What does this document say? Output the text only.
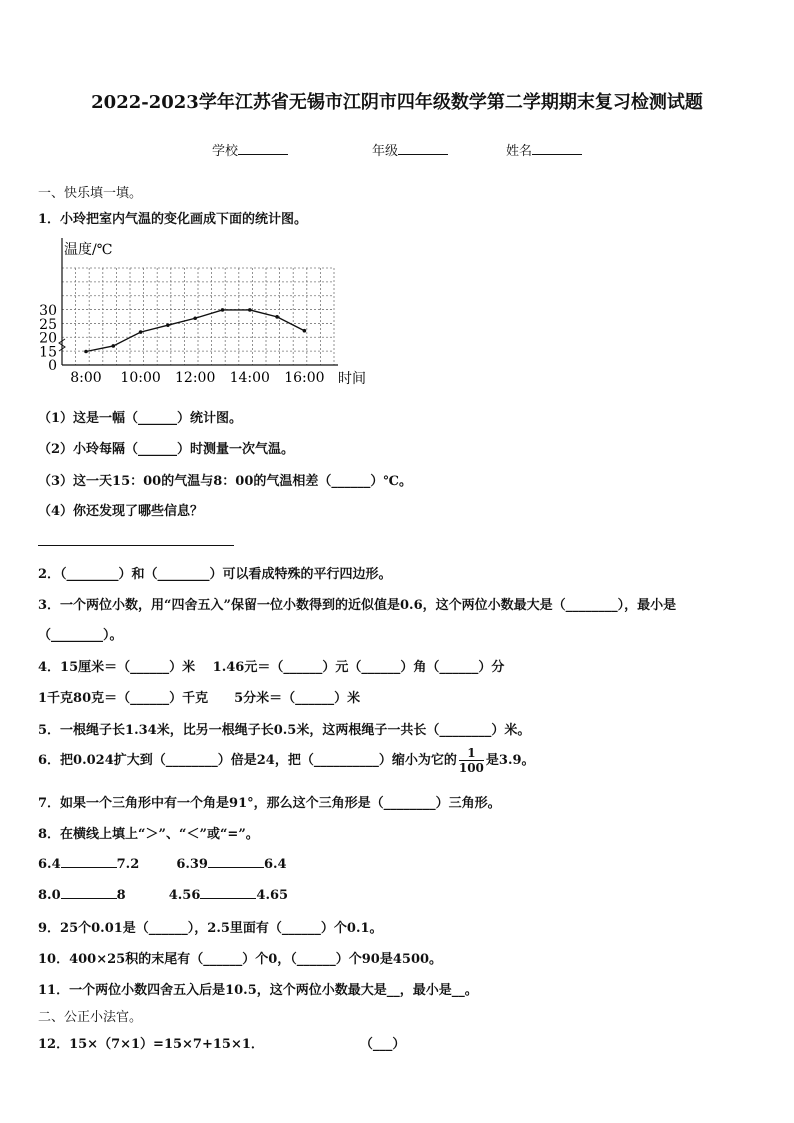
2022-2023学年江苏省无锡市江阴市四年级数学第二学期期末复习检测试题
学校	年级	姓名
一、快乐填一填。
1．小玲把室内气温的变化画成下面的统计图。
30
25
20
15
0
8:00 10:00 12:00 14:00 16:00
温度/℃
时间
（1）这是一幅（______）统计图。
（2）小玲每隔（______）时测量一次气温。
（3）这一天15：00的气温与8：00的气温相差（______）℃。
（4）你还发现了哪些信息？
2．（________）和（________）可以看成特殊的平行四边形。
3．一个两位小数，用“四舍五入”保留一位小数得到的近似值是0.6，这个两位小数最大是（________），最小是
（________）。
4．15厘米＝（______）米　 1.46元＝（______）元（______）角（______）分
1千克80克＝（______）千克　　5分米＝（______）米
5．一根绳子长1.34米，比另一根绳子长0.5米，这两根绳子一共长（________）米。
6．把0.024扩大到（________）倍是24，把（__________）缩小为它的 $\frac{1}{100}$ 是3.9。
7．如果一个三角形中有一个角是91°，那么这个三角形是（________）三角形。
8．在横线上填上“＞”、“＜”或“=”。
6.4	7.2	6.39	6.4
8.0	8	4.56	4.65
9．25个0.01是（______），2.5里面有（______）个0.1。
10．400×25积的末尾有（______）个0，（______）个90是4500。
11．一个两位小数四舍五入后是10.5，这个两位小数最大是__，最小是__。
二、公正小法官。
12．15×（7×1）=15×7+15×1．	（___）
